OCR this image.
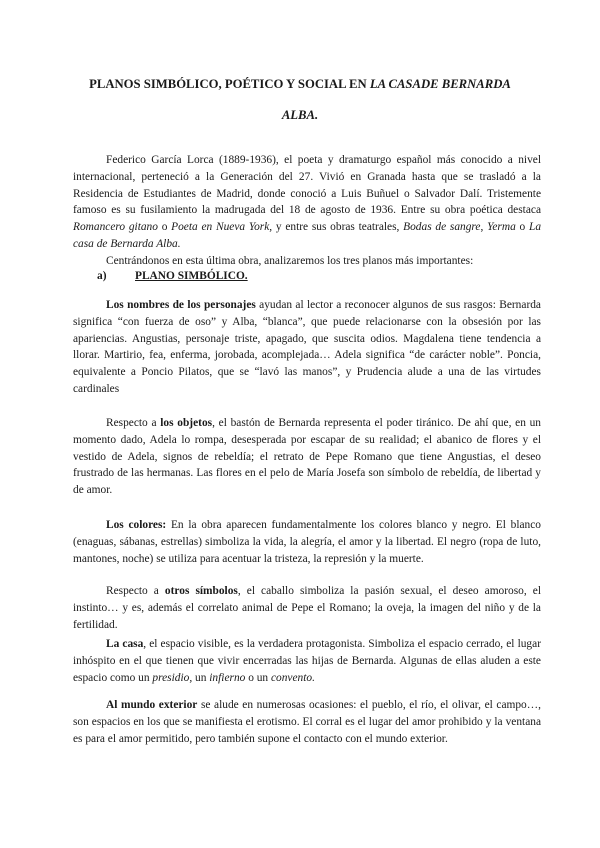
PLANOS SIMBÓLICO, POÉTICO Y SOCIAL EN LA CASADE BERNARDA
ALBA.

Federico García Lorca (1889-1936), el poeta y dramaturgo español más conocido a nivel internacional, perteneció a la Generación del 27. Vivió en Granada hasta que se trasladó a la Residencia de Estudiantes de Madrid, donde conoció a Luis Buñuel o Salvador Dalí. Tristemente famoso es su fusilamiento la madrugada del 18 de agosto de 1936. Entre su obra poética destaca Romancero gitano o Poeta en Nueva York, y entre sus obras teatrales, Bodas de sangre, Yerma o La casa de Bernarda Alba.

Centrándonos en esta última obra, analizaremos los tres planos más importantes:

a)	PLANO SIMBÓLICO.

Los nombres de los personajes ayudan al lector a reconocer algunos de sus rasgos: Bernarda significa “con fuerza de oso” y Alba, “blanca”, que puede relacionarse con la obsesión por las apariencias. Angustias, personaje triste, apagado, que suscita odios. Magdalena tiene tendencia a llorar. Martirio, fea, enferma, jorobada, acomplejada… Adela significa “de carácter noble”. Poncia, equivalente a Poncio Pilatos, que se “lavó las manos”, y Prudencia alude a una de las virtudes cardinales

Respecto a los objetos, el bastón de Bernarda representa el poder tiránico. De ahí que, en un momento dado, Adela lo rompa, desesperada por escapar de su realidad; el abanico de flores y el vestido de Adela, signos de rebeldía; el retrato de Pepe Romano que tiene Angustias, el deseo frustrado de las hermanas. Las flores en el pelo de María Josefa son símbolo de rebeldía, de libertad y de amor.

Los colores: En la obra aparecen fundamentalmente los colores blanco y negro. El blanco (enaguas, sábanas, estrellas) simboliza la vida, la alegría, el amor y la libertad. El negro (ropa de luto, mantones, noche) se utiliza para acentuar la tristeza, la represión y la muerte.

Respecto a otros símbolos, el caballo simboliza la pasión sexual, el deseo amoroso, el instinto… y es, además el correlato animal de Pepe el Romano; la oveja, la imagen del niño y de la fertilidad.

La casa, el espacio visible, es la verdadera protagonista. Simboliza el espacio cerrado, el lugar inhóspito en el que tienen que vivir encerradas las hijas de Bernarda. Algunas de ellas aluden a este espacio como un presidio, un infierno o un convento.

Al mundo exterior se alude en numerosas ocasiones: el pueblo, el río, el olivar, el campo…, son espacios en los que se manifiesta el erotismo. El corral es el lugar del amor prohibido y la ventana es para el amor permitido, pero también supone el contacto con el mundo exterior.
